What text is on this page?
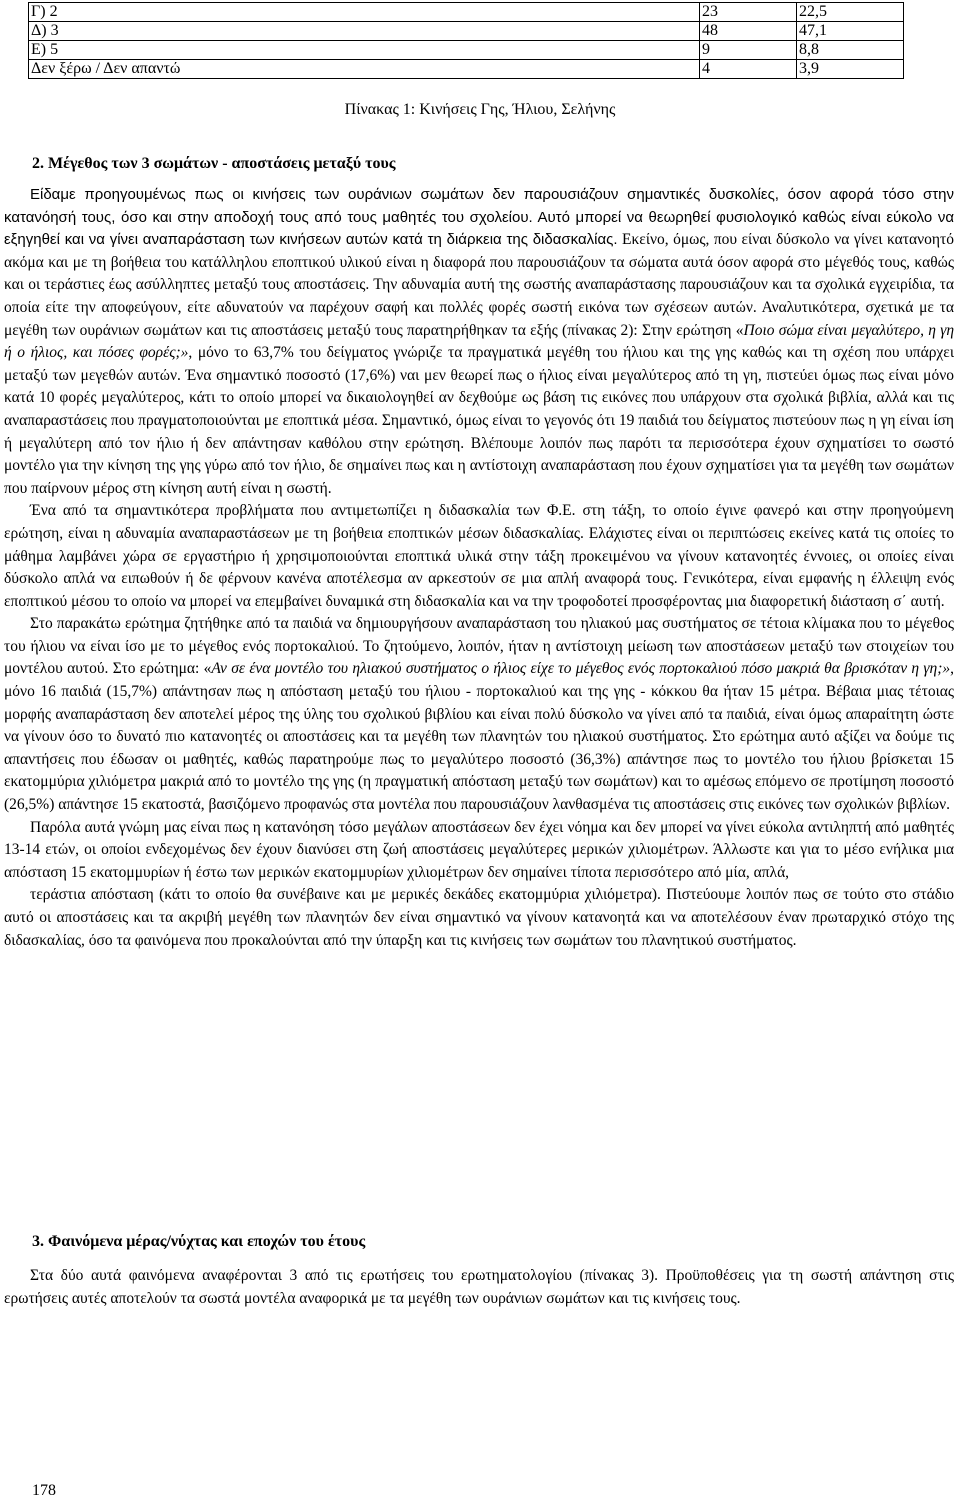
Γ) 2	23	22,5
Δ) 3	48	47,1
Ε) 5	9	8,8
Δεν ξέρω / Δεν απαντώ	4	3,9
Πίνακας 1: Κινήσεις Γης, Ήλιου, Σελήνης
2. Μέγεθος των 3 σωμάτων - αποστάσεις μεταξύ τους

Είδαμε προηγουμένως πως οι κινήσεις των ουράνιων σωμάτων δεν παρουσιάζουν σημαντικές δυσκολίες, όσον αφορά τόσο στην κατανόησή τους, όσο και στην αποδοχή τους από τους μαθητές του σχολείου. Αυτό μπορεί να θεωρηθεί φυσιολογικό καθώς είναι εύκολο να εξηγηθεί και να γίνει αναπαράσταση των κινήσεων αυτών κατά τη διάρκεια της διδασκαλίας. Εκείνο, όμως, που είναι δύσκολο να γίνει κατανοητό ακόμα και με τη βοήθεια του κατάλληλου εποπτικού υλικού είναι η διαφορά που παρουσιάζουν τα σώματα αυτά όσον αφορά στο μέγεθός τους, καθώς και οι τεράστιες έως ασύλληπτες μεταξύ τους αποστάσεις. Την αδυναμία αυτή της σωστής αναπαράστασης παρουσιάζουν και τα σχολικά εγχειρίδια, τα οποία είτε την αποφεύγουν, είτε αδυνατούν να παρέχουν σαφή και πολλές φορές σωστή εικόνα των σχέσεων αυτών. Αναλυτικότερα, σχετικά με τα μεγέθη των ουράνιων σωμάτων και τις αποστάσεις μεταξύ τους παρατηρήθηκαν τα εξής (πίνακας 2): Στην ερώτηση «Ποιο σώμα είναι μεγαλύτερο, η γη ή ο ήλιος, και πόσες φορές;», μόνο το 63,7% του δείγματος γνώριζε τα πραγματικά μεγέθη του ήλιου και της γης καθώς και τη σχέση που υπάρχει μεταξύ των μεγεθών αυτών. Ένα σημαντικό ποσοστό (17,6%) ναι μεν θεωρεί πως ο ήλιος είναι μεγαλύτερος από τη γη, πιστεύει όμως πως είναι μόνο κατά 10 φορές μεγαλύτερος, κάτι το οποίο μπορεί να δικαιολογηθεί αν δεχθούμε ως βάση τις εικόνες που υπάρχουν στα σχολικά βιβλία, αλλά και τις αναπαραστάσεις που πραγματοποιούνται με εποπτικά μέσα. Σημαντικό, όμως είναι το γεγονός ότι 19 παιδιά του δείγματος πιστεύουν πως η γη είναι ίση ή μεγαλύτερη από τον ήλιο ή δεν απάντησαν καθόλου στην ερώτηση. Βλέπουμε λοιπόν πως παρότι τα περισσότερα έχουν σχηματίσει το σωστό μοντέλο για την κίνηση της γης γύρω από τον ήλιο, δε σημαίνει πως και η αντίστοιχη αναπαράσταση που έχουν σχηματίσει για τα μεγέθη των σωμάτων που παίρνουν μέρος στη κίνηση αυτή είναι η σωστή.

Ένα από τα σημαντικότερα προβλήματα που αντιμετωπίζει η διδασκαλία των Φ.Ε. στη τάξη, το οποίο έγινε φανερό και στην προηγούμενη ερώτηση, είναι η αδυναμία αναπαραστάσεων με τη βοήθεια εποπτικών μέσων διδασκαλίας. Ελάχιστες είναι οι περιπτώσεις εκείνες κατά τις οποίες το μάθημα λαμβάνει χώρα σε εργαστήριο ή χρησιμοποιούνται εποπτικά υλικά στην τάξη προκειμένου να γίνουν κατανοητές έννοιες, οι οποίες είναι δύσκολο απλά να ειπωθούν ή δε φέρνουν κανένα αποτέλεσμα αν αρκεστούν σε μια απλή αναφορά τους. Γενικότερα, είναι εμφανής η έλλειψη ενός εποπτικού μέσου το οποίο να μπορεί να επεμβαίνει δυναμικά στη διδασκαλία και να την τροφοδοτεί προσφέροντας μια διαφορετική διάσταση σ΄ αυτή.

Στο παρακάτω ερώτημα ζητήθηκε από τα παιδιά να δημιουργήσουν αναπαράσταση του ηλιακού μας συστήματος σε τέτοια κλίμακα που το μέγεθος του ήλιου να είναι ίσο με το μέγεθος ενός πορτοκαλιού. Το ζητούμενο, λοιπόν, ήταν η αντίστοιχη μείωση των αποστάσεων μεταξύ των στοιχείων του μοντέλου αυτού. Στο ερώτημα: «Αν σε ένα μοντέλο του ηλιακού συστήματος ο ήλιος είχε το μέγεθος ενός πορτοκαλιού πόσο μακριά θα βρισκόταν η γη;», μόνο 16 παιδιά (15,7%) απάντησαν πως η απόσταση μεταξύ του ήλιου - πορτοκαλιού και της γης - κόκκου θα ήταν 15 μέτρα. Βέβαια μιας τέτοιας μορφής αναπαράσταση δεν αποτελεί μέρος της ύλης του σχολικού βιβλίου και είναι πολύ δύσκολο να γίνει από τα παιδιά, είναι όμως απαραίτητη ώστε να γίνουν όσο το δυνατό πιο κατανοητές οι αποστάσεις και τα μεγέθη των πλανητών του ηλιακού συστήματος. Στο ερώτημα αυτό αξίζει να δούμε τις απαντήσεις που έδωσαν οι μαθητές, καθώς παρατηρούμε πως το μεγαλύτερο ποσοστό (36,3%) απάντησε πως το μοντέλο του ήλιου βρίσκεται 15 εκατομμύρια χιλιόμετρα μακριά από το μοντέλο της γης (η πραγματική απόσταση μεταξύ των σωμάτων) και το αμέσως επόμενο σε προτίμηση ποσοστό (26,5%) απάντησε 15 εκατοστά, βασιζόμενο προφανώς στα μοντέλα που παρουσιάζουν λανθασμένα τις αποστάσεις στις εικόνες των σχολικών βιβλίων.

Παρόλα αυτά γνώμη μας είναι πως η κατανόηση τόσο μεγάλων αποστάσεων δεν έχει νόημα και δεν μπορεί να γίνει εύκολα αντιληπτή από μαθητές 13-14 ετών, οι οποίοι ενδεχομένως δεν έχουν διανύσει στη ζωή αποστάσεις μεγαλύτερες μερικών χιλιομέτρων. Άλλωστε και για το μέσο ενήλικα μια απόσταση 15 εκατομμυρίων ή έστω των μερικών εκατομμυρίων χιλιομέτρων δεν σημαίνει τίποτα περισσότερο από μία, απλά,

τεράστια απόσταση (κάτι το οποίο θα συνέβαινε και με μερικές δεκάδες εκατομμύρια χιλιόμετρα). Πιστεύουμε λοιπόν πως σε τούτο στο στάδιο αυτό οι αποστάσεις και τα ακριβή μεγέθη των πλανητών δεν είναι σημαντικό να γίνουν κατανοητά και να αποτελέσουν έναν πρωταρχικό στόχο της διδασκαλίας, όσο τα φαινόμενα που προκαλούνται από την ύπαρξη και τις κινήσεις των σωμάτων του πλανητικού συστήματος.

3. Φαινόμενα μέρας/νύχτας και εποχών του έτους

Στα δύο αυτά φαινόμενα αναφέρονται 3 από τις ερωτήσεις του ερωτηματολογίου (πίνακας 3). Προϋποθέσεις για τη σωστή απάντηση στις ερωτήσεις αυτές αποτελούν τα σωστά μοντέλα αναφορικά με τα μεγέθη των ουράνιων σωμάτων και τις κινήσεις τους.

178
